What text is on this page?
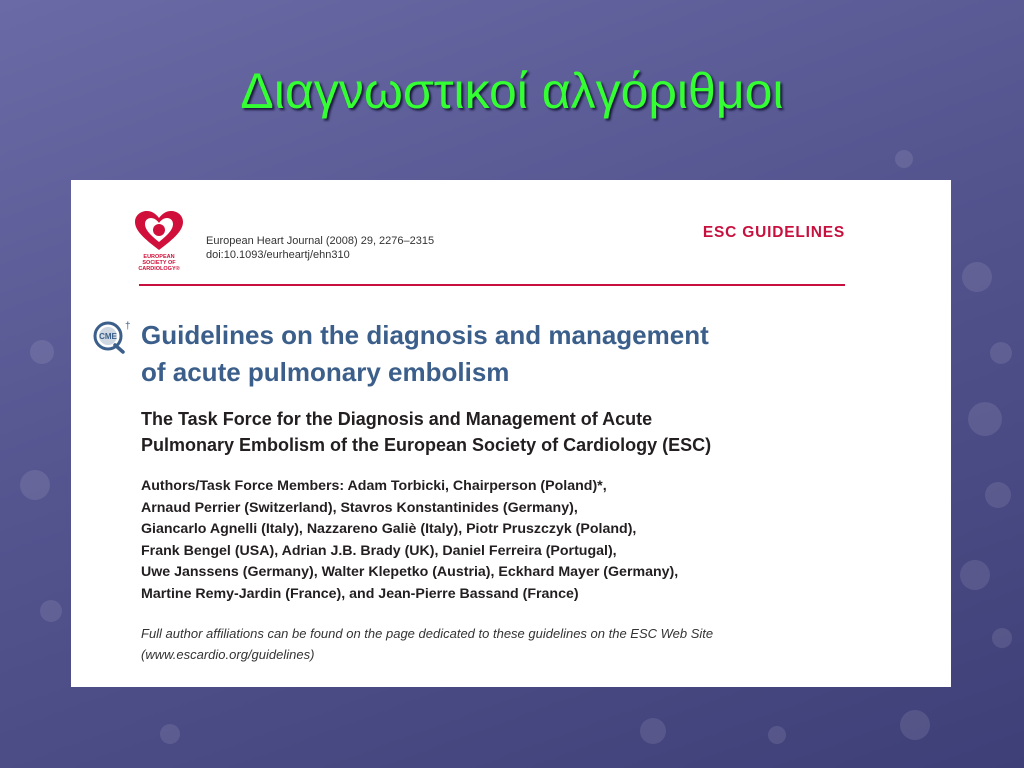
Διαγνωστικοί αλγόριθμοι
EUROPEAN
SOCIETY OF
CARDIOLOGY®
European Heart Journal (2008) 29, 2276–2315
doi:10.1093/eurheartj/ehn310
ESC GUIDELINES
CME
† Guidelines on the diagnosis and management
of acute pulmonary embolism
The Task Force for the Diagnosis and Management of Acute
Pulmonary Embolism of the European Society of Cardiology (ESC)
Authors/Task Force Members: Adam Torbicki, Chairperson (Poland)*,
Arnaud Perrier (Switzerland), Stavros Konstantinides (Germany),
Giancarlo Agnelli (Italy), Nazzareno Galiè (Italy), Piotr Pruszczyk (Poland),
Frank Bengel (USA), Adrian J.B. Brady (UK), Daniel Ferreira (Portugal),
Uwe Janssens (Germany), Walter Klepetko (Austria), Eckhard Mayer (Germany),
Martine Remy-Jardin (France), and Jean-Pierre Bassand (France)
Full author affiliations can be found on the page dedicated to these guidelines on the ESC Web Site
(www.escardio.org/guidelines)
